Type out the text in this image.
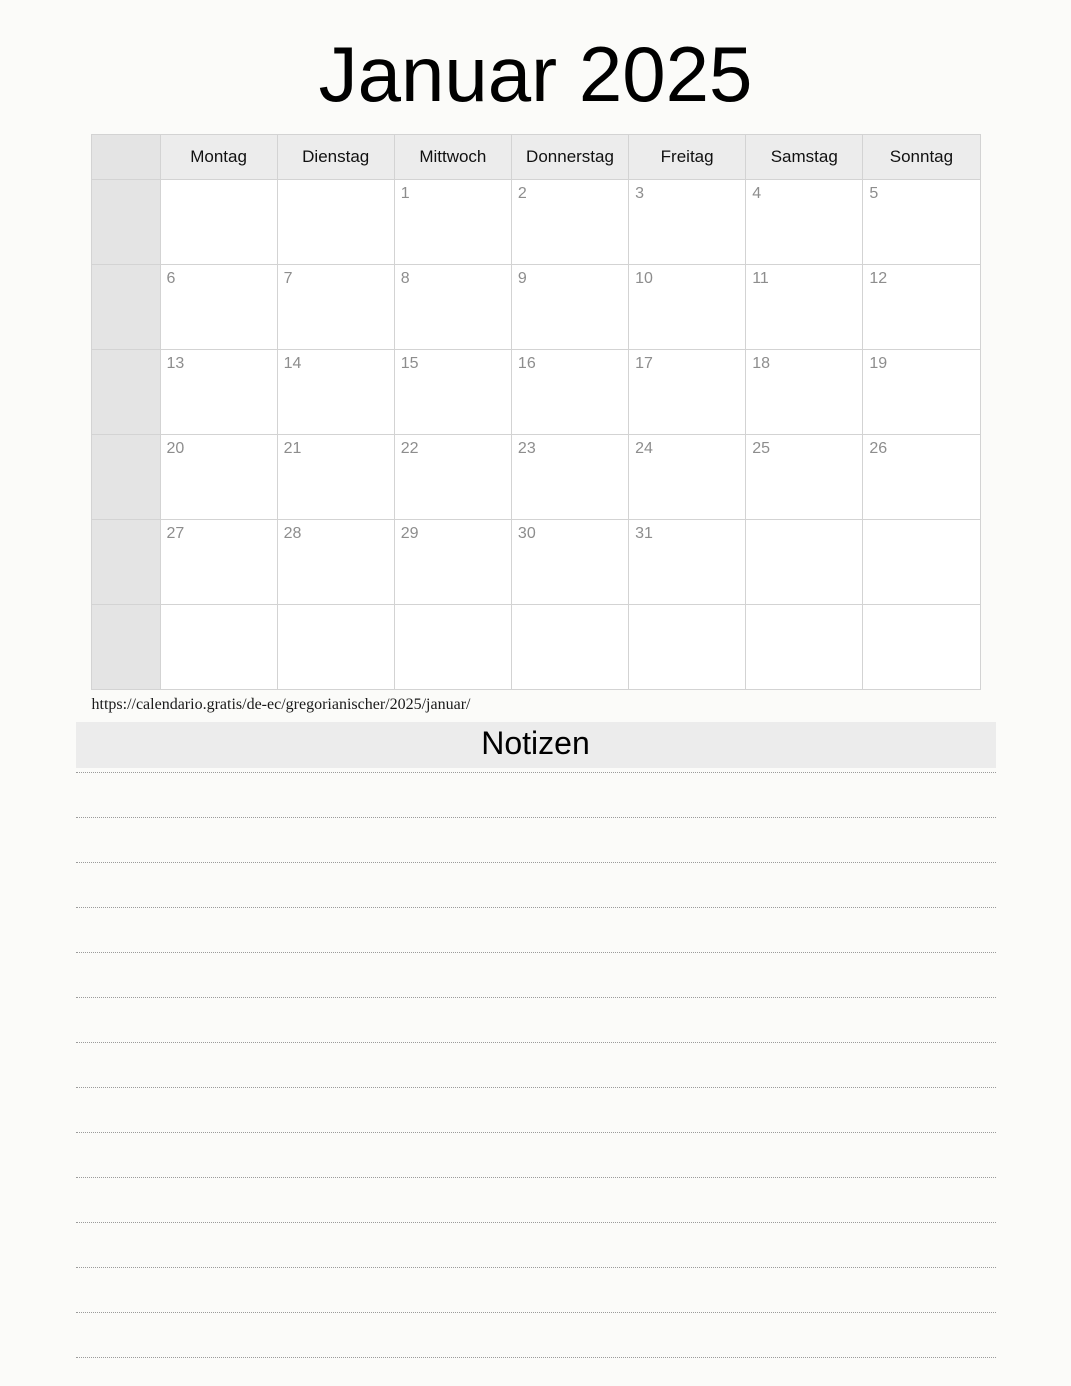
Januar 2025
	Montag	Dienstag	Mittwoch	Donnerstag	Freitag	Samstag	Sonntag

			1	2	3	4	5

	6	7	8	9	10	11	12

	13	14	15	16	17	18	19

	20	21	22	23	24	25	26

	27	28	29	30	31		

https://calendario.gratis/de-ec/gregorianischer/2025/januar/
Notizen
